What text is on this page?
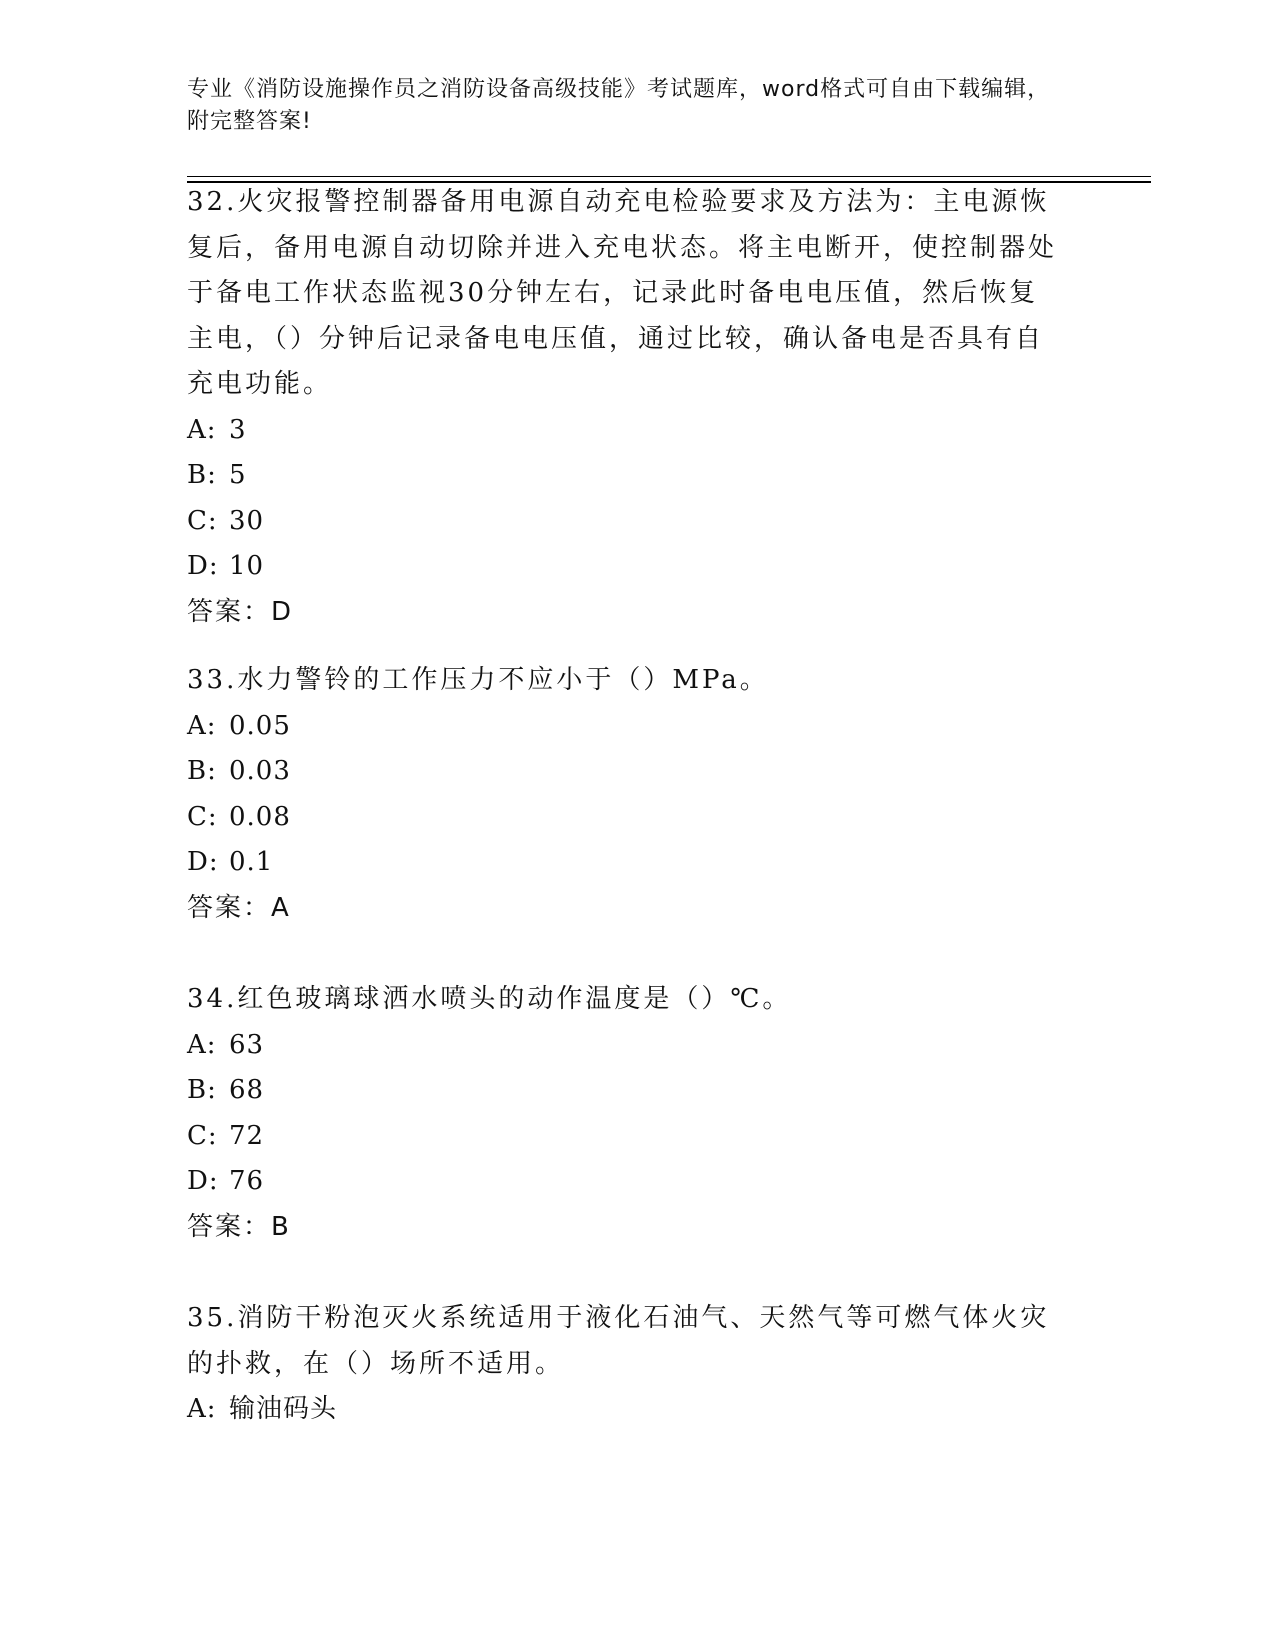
专业《消防设施操作员之消防设备高级技能》考试题库，word格式可自由下载编辑，附完整答案!

32.火灾报警控制器备用电源自动充电检验要求及方法为：主电源恢复后，备用电源自动切除并进入充电状态。将主电断开，使控制器处于备电工作状态监视30分钟左右，记录此时备电电压值，然后恢复主电，（）分钟后记录备电电压值，通过比较，确认备电是否具有自充电功能。

A: 3

B: 5

C: 30

D: 10

答案：D

33.水力警铃的工作压力不应小于（）MPa。

A: 0.05

B: 0.03

C: 0.08

D: 0.1

答案：A

34.红色玻璃球洒水喷头的动作温度是（）℃。

A: 63

B: 68

C: 72

D: 76

答案：B

35.消防干粉泡灭火系统适用于液化石油气、天然气等可燃气体火灾的扑救，在（）场所不适用。

A: 输油码头
